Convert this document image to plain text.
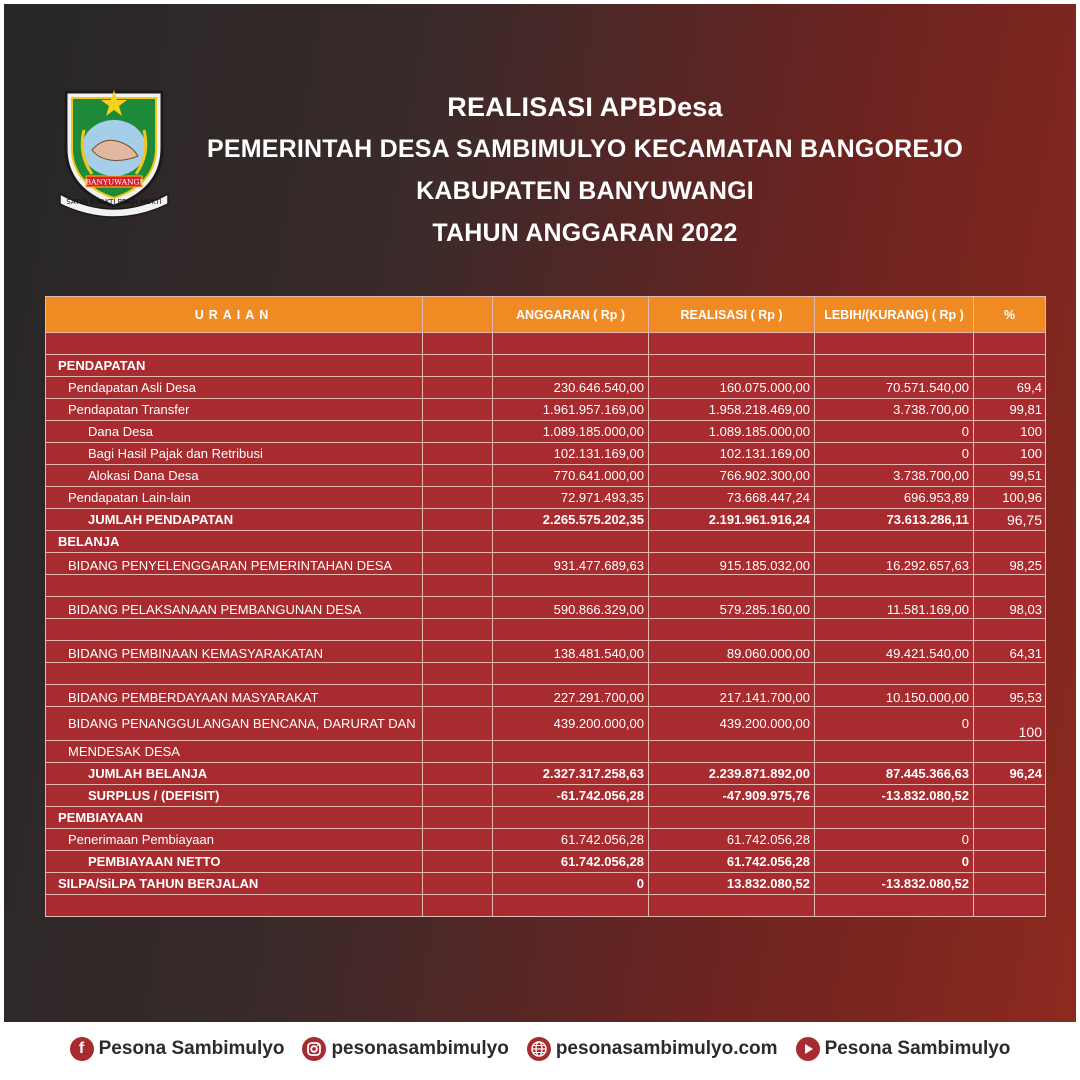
BANYUWANGI
SATYA BHAKTI PRAJA MUKTI
REALISASI APBDesa
PEMERINTAH DESA SAMBIMULYO KECAMATAN BANGOREJO
KABUPATEN BANYUWANGI
TAHUN ANGGARAN 2022
URAIAN		ANGGARAN ( Rp )	REALISASI ( Rp )	LEBIH/(KURANG) ( Rp )	%

PENDAPATAN					
Pendapatan Asli Desa		230.646.540,00	160.075.000,00	70.571.540,00	69,4
Pendapatan Transfer		1.961.957.169,00	1.958.218.469,00	3.738.700,00	99,81
Dana Desa		1.089.185.000,00	1.089.185.000,00	0	100
Bagi Hasil Pajak dan Retribusi		102.131.169,00	102.131.169,00	0	100
Alokasi Dana Desa		770.641.000,00	766.902.300,00	3.738.700,00	99,51
Pendapatan Lain-lain		72.971.493,35	73.668.447,24	696.953,89	100,96
JUMLAH PENDAPATAN		2.265.575.202,35	2.191.961.916,24	73.613.286,11	96,75
BELANJA					
BIDANG PENYELENGGARAN PEMERINTAHAN DESA		931.477.689,63	915.185.032,00	16.292.657,63	98,25

BIDANG PELAKSANAAN PEMBANGUNAN DESA		590.866.329,00	579.285.160,00	11.581.169,00	98,03

BIDANG PEMBINAAN KEMASYARAKATAN		138.481.540,00	89.060.000,00	49.421.540,00	64,31

BIDANG PEMBERDAYAAN MASYARAKAT		227.291.700,00	217.141.700,00	10.150.000,00	95,53
BIDANG PENANGGULANGAN BENCANA, DARURAT DAN		439.200.000,00	439.200.000,00	0	100
MENDESAK DESA					
JUMLAH BELANJA		2.327.317.258,63	2.239.871.892,00	87.445.366,63	96,24
SURPLUS / (DEFISIT)		-61.742.056,28	-47.909.975,76	-13.832.080,52	
PEMBIAYAAN					
Penerimaan Pembiayaan		61.742.056,28	61.742.056,28	0	
PEMBIAYAAN NETTO		61.742.056,28	61.742.056,28	0	
SILPA/SiLPA TAHUN BERJALAN		0	13.832.080,52	-13.832.080,52	

f Pesona Sambimulyo pesonasambimulyo pesonasambimulyo.com Pesona Sambimulyo
